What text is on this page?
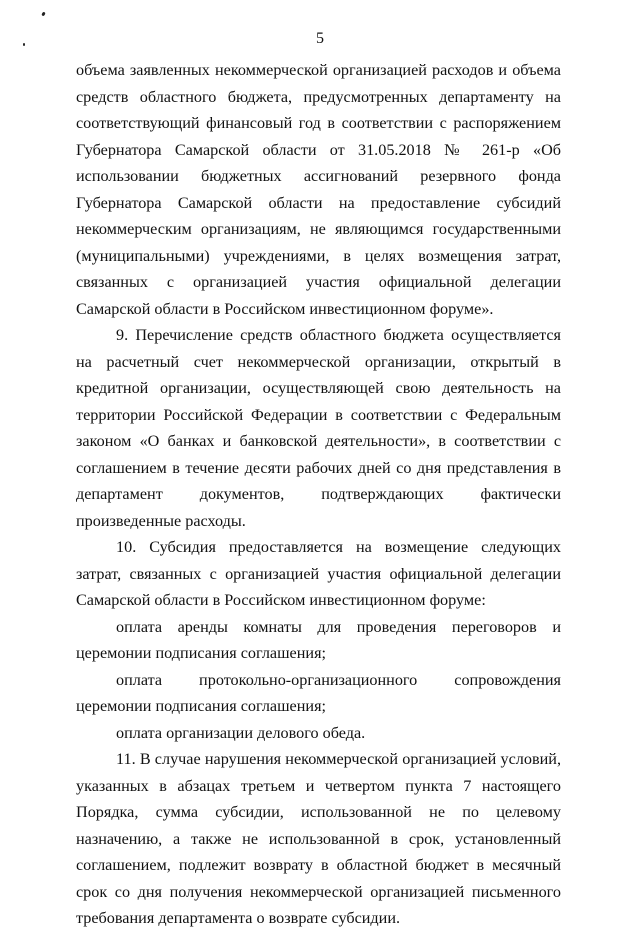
5

объема заявленных некоммерческой организацией расходов и объема средств областного бюджета, предусмотренных департаменту на соответствующий финансовый год в соответствии с распоряжением Губернатора Самарской области от 31.05.2018 № 261-р «Об использовании бюджетных ассигнований резервного фонда Губернатора Самарской области на предоставление субсидий некоммерческим организациям, не являющимся государственными (муниципальными) учреждениями, в целях возмещения затрат, связанных с организацией участия официальной делегации Самарской области в Российском инвестиционном форуме».

9. Перечисление средств областного бюджета осуществляется на расчетный счет некоммерческой организации, открытый в кредитной организации, осуществляющей свою деятельность на территории Российской Федерации в соответствии с Федеральным законом «О банках и банковской деятельности», в соответствии с соглашением в течение десяти рабочих дней со дня представления в департамент документов, подтверждающих фактически произведенные расходы.

10. Субсидия предоставляется на возмещение следующих затрат, связанных с организацией участия официальной делегации Самарской области в Российском инвестиционном форуме:

оплата аренды комнаты для проведения переговоров и церемонии подписания соглашения;

оплата протокольно-организационного сопровождения церемонии подписания соглашения;

оплата организации делового обеда.

11. В случае нарушения некоммерческой организацией условий, указанных в абзацах третьем и четвертом пункта 7 настоящего Порядка, сумма субсидии, использованной не по целевому назначению, а также не использованной в срок, установленный соглашением, подлежит возврату в областной бюджет в месячный срок со дня получения некоммерческой организацией письменного требования департамента о возврате субсидии.
